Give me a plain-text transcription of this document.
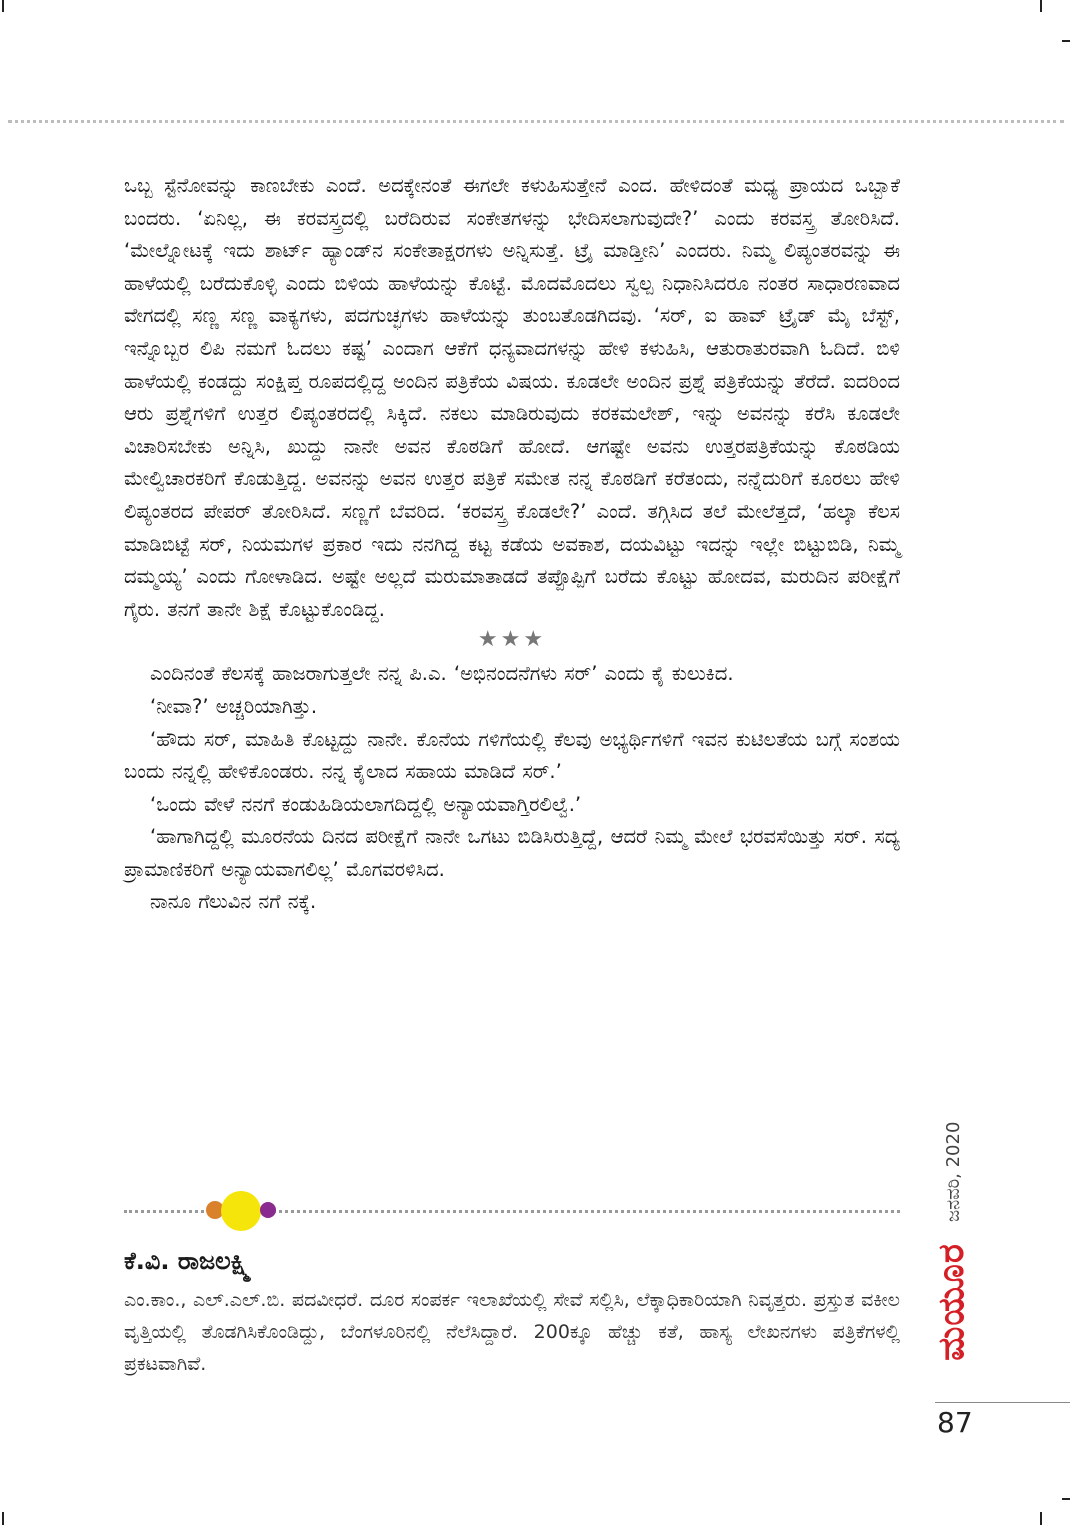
ಒಬ್ಬ ಸ್ಟೆನೋವನ್ನು ಕಾಣಬೇಕು ಎಂದೆ. ಅದಕ್ಕೇನಂತೆ ಈಗಲೇ ಕಳುಹಿಸುತ್ತೇನೆ ಎಂದ. ಹೇಳಿದಂತೆ ಮಧ್ಯ ಪ್ರಾಯದ ಒಬ್ಬಾಕೆ ಬಂದರು. ‘ಏನಿಲ್ಲ, ಈ ಕರವಸ್ತ್ರದಲ್ಲಿ ಬರೆದಿರುವ ಸಂಕೇತಗಳನ್ನು ಭೇದಿಸಲಾಗುವುದೇ?’ ಎಂದು ಕರವಸ್ತ್ರ ತೋರಿಸಿದೆ. ‘ಮೇಲ್ನೋಟಕ್ಕೆ ಇದು ಶಾರ್ಟ್ ಹ್ಯಾಂಡ್‌ನ ಸಂಕೇತಾಕ್ಷರಗಳು ಅನ್ನಿಸುತ್ತೆ. ಟ್ರೈ ಮಾಡ್ತೀನಿ’ ಎಂದರು. ನಿಮ್ಮ ಲಿಪ್ಯಂತರವನ್ನು ಈ ಹಾಳೆಯಲ್ಲಿ ಬರೆದುಕೊಳ್ಳಿ ಎಂದು ಬಿಳಿಯ ಹಾಳೆಯನ್ನು ಕೊಟ್ಟೆ. ಮೊದಮೊದಲು ಸ್ವಲ್ಪ ನಿಧಾನಿಸಿದರೂ ನಂತರ ಸಾಧಾರಣವಾದ ವೇಗದಲ್ಲಿ ಸಣ್ಣ ಸಣ್ಣ ವಾಕ್ಯಗಳು, ಪದಗುಚ್ಛಗಳು ಹಾಳೆಯನ್ನು ತುಂಬತೊಡಗಿದವು. ‘ಸರ್, ಐ ಹಾವ್ ಟ್ರೈಡ್ ಮೈ ಬೆಸ್ಟ್, ಇನ್ನೊಬ್ಬರ ಲಿಪಿ ನಮಗೆ ಓದಲು ಕಷ್ಟ’ ಎಂದಾಗ ಆಕೆಗೆ ಧನ್ಯವಾದಗಳನ್ನು ಹೇಳಿ ಕಳುಹಿಸಿ, ಆತುರಾತುರವಾಗಿ ಓದಿದೆ. ಬಿಳಿ ಹಾಳೆಯಲ್ಲಿ ಕಂಡದ್ದು ಸಂಕ್ಷಿಪ್ತ ರೂಪದಲ್ಲಿದ್ದ ಅಂದಿನ ಪತ್ರಿಕೆಯ ವಿಷಯ. ಕೂಡಲೇ ಅಂದಿನ ಪ್ರಶ್ನೆ ಪತ್ರಿಕೆಯನ್ನು ತೆರೆದೆ. ಐದರಿಂದ ಆರು ಪ್ರಶ್ನೆಗಳಿಗೆ ಉತ್ತರ ಲಿಪ್ಯಂತರದಲ್ಲಿ ಸಿಕ್ಕಿದೆ. ನಕಲು ಮಾಡಿರುವುದು ಕರಕಮಲೇಶ್, ಇನ್ನು ಅವನನ್ನು ಕರೆಸಿ ಕೂಡಲೇ ವಿಚಾರಿಸಬೇಕು ಅನ್ನಿಸಿ, ಖುದ್ದು ನಾನೇ ಅವನ ಕೊಠಡಿಗೆ ಹೋದೆ. ಆಗಷ್ಟೇ ಅವನು ಉತ್ತರಪತ್ರಿಕೆಯನ್ನು ಕೊಠಡಿಯ ಮೇಲ್ವಿಚಾರಕರಿಗೆ ಕೊಡುತ್ತಿದ್ದ. ಅವನನ್ನು ಅವನ ಉತ್ತರ ಪತ್ರಿಕೆ ಸಮೇತ ನನ್ನ ಕೊಠಡಿಗೆ ಕರೆತಂದು, ನನ್ನೆದುರಿಗೆ ಕೂರಲು ಹೇಳಿ ಲಿಪ್ಯಂತರದ ಪೇಪರ್ ತೋರಿಸಿದೆ. ಸಣ್ಣಗೆ ಬೆವರಿದ. ‘ಕರವಸ್ತ್ರ ಕೊಡಲೇ?’ ಎಂದೆ. ತಗ್ಗಿಸಿದ ತಲೆ ಮೇಲೆತ್ತದೆ, ‘ಹಲ್ಕಾ ಕೆಲಸ ಮಾಡಿಬಿಟ್ಟೆ ಸರ್, ನಿಯಮಗಳ ಪ್ರಕಾರ ಇದು ನನಗಿದ್ದ ಕಟ್ಟ ಕಡೆಯ ಅವಕಾಶ, ದಯವಿಟ್ಟು ಇದನ್ನು ಇಲ್ಲೇ ಬಿಟ್ಟುಬಿಡಿ, ನಿಮ್ಮ ದಮ್ಮಯ್ಯ’ ಎಂದು ಗೋಳಾಡಿದ. ಅಷ್ಟೇ ಅಲ್ಲದೆ ಮರುಮಾತಾಡದೆ ತಪ್ಪೊಪ್ಪಿಗೆ ಬರೆದು ಕೊಟ್ಟು ಹೋದವ, ಮರುದಿನ ಪರೀಕ್ಷೆಗೆ ಗೈರು. ತನಗೆ ತಾನೇ ಶಿಕ್ಷೆ ಕೊಟ್ಟುಕೊಂಡಿದ್ದ.

★★★

ಎಂದಿನಂತೆ ಕೆಲಸಕ್ಕೆ ಹಾಜರಾಗುತ್ತಲೇ ನನ್ನ ಪಿ.ಎ. ‘ಅಭಿನಂದನೆಗಳು ಸರ್’ ಎಂದು ಕೈ ಕುಲುಕಿದ.

‘ನೀವಾ?’ ಅಚ್ಚರಿಯಾಗಿತ್ತು.

‘ಹೌದು ಸರ್, ಮಾಹಿತಿ ಕೊಟ್ಟದ್ದು ನಾನೇ. ಕೊನೆಯ ಗಳಿಗೆಯಲ್ಲಿ ಕೆಲವು ಅಭ್ಯರ್ಥಿಗಳಿಗೆ ಇವನ ಕುಟಿಲತೆಯ ಬಗ್ಗೆ ಸಂಶಯ ಬಂದು ನನ್ನಲ್ಲಿ ಹೇಳಿಕೊಂಡರು. ನನ್ನ ಕೈಲಾದ ಸಹಾಯ ಮಾಡಿದೆ ಸರ್.’

‘ಒಂದು ವೇಳೆ ನನಗೆ ಕಂಡುಹಿಡಿಯಲಾಗದಿದ್ದಲ್ಲಿ ಅನ್ಯಾಯವಾಗ್ತಿರಲಿಲ್ವೆ.’

‘ಹಾಗಾಗಿದ್ದಲ್ಲಿ ಮೂರನೆಯ ದಿನದ ಪರೀಕ್ಷೆಗೆ ನಾನೇ ಒಗಟು ಬಿಡಿಸಿರುತ್ತಿದ್ದೆ, ಆದರೆ ನಿಮ್ಮ ಮೇಲೆ ಭರವಸೆಯಿತ್ತು ಸರ್. ಸದ್ಯ ಪ್ರಾಮಾಣಿಕರಿಗೆ ಅನ್ಯಾಯವಾಗಲಿಲ್ಲ’ ಮೊಗವರಳಿಸಿದ.

ನಾನೂ ಗೆಲುವಿನ ನಗೆ ನಕ್ಕೆ.

ಕೆ.ವಿ. ರಾಜಲಕ್ಷ್ಮಿ

ಎಂ.ಕಾಂ., ಎಲ್.ಎಲ್.ಬಿ. ಪದವೀಧರೆ. ದೂರ ಸಂಪರ್ಕ ಇಲಾಖೆಯಲ್ಲಿ ಸೇವೆ ಸಲ್ಲಿಸಿ, ಲೆಕ್ಕಾಧಿಕಾರಿಯಾಗಿ ನಿವೃತ್ತರು. ಪ್ರಸ್ತುತ ವಕೀಲ ವೃತ್ತಿಯಲ್ಲಿ ತೊಡಗಿಸಿಕೊಂಡಿದ್ದು, ಬೆಂಗಳೂರಿನಲ್ಲಿ ನೆಲೆಸಿದ್ದಾರೆ. 200ಕ್ಕೂ ಹೆಚ್ಚು ಕತೆ, ಹಾಸ್ಯ ಲೇಖನಗಳು ಪತ್ರಿಕೆಗಳಲ್ಲಿ ಪ್ರಕಟವಾಗಿವೆ.

ಜನವರಿ, 2020
ಮಯೂರ
87
